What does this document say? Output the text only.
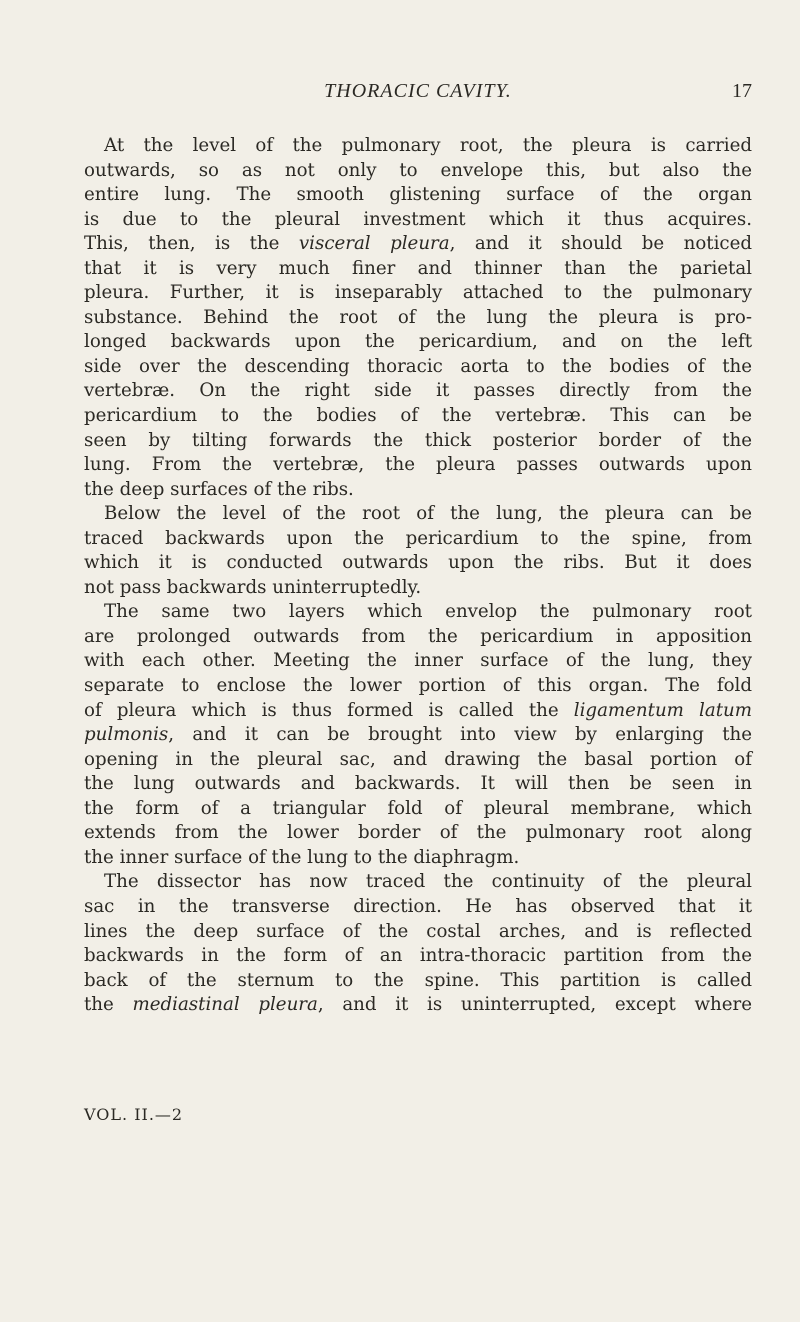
THORACIC CAVITY.	17
At the level of the pulmonary root, the pleura is carried
outwards, so as not only to envelope this, but also the
entire lung. The smooth glistening surface of the organ
is due to the pleural investment which it thus acquires.
This, then, is the visceral pleura, and it should be noticed
that it is very much finer and thinner than the parietal
pleura. Further, it is inseparably attached to the pulmonary
substance. Behind the root of the lung the pleura is pro-
longed backwards upon the pericardium, and on the left
side over the descending thoracic aorta to the bodies of the
vertebræ. On the right side it passes directly from the
pericardium to the bodies of the vertebræ. This can be
seen by tilting forwards the thick posterior border of the
lung. From the vertebræ, the pleura passes outwards upon
the deep surfaces of the ribs.
Below the level of the root of the lung, the pleura can be
traced backwards upon the pericardium to the spine, from
which it is conducted outwards upon the ribs. But it does
not pass backwards uninterruptedly.
The same two layers which envelop the pulmonary root
are prolonged outwards from the pericardium in apposition
with each other. Meeting the inner surface of the lung, they
separate to enclose the lower portion of this organ. The fold
of pleura which is thus formed is called the ligamentum latum
pulmonis, and it can be brought into view by enlarging the
opening in the pleural sac, and drawing the basal portion of
the lung outwards and backwards. It will then be seen in
the form of a triangular fold of pleural membrane, which
extends from the lower border of the pulmonary root along
the inner surface of the lung to the diaphragm.
The dissector has now traced the continuity of the pleural
sac in the transverse direction. He has observed that it
lines the deep surface of the costal arches, and is reflected
backwards in the form of an intra-thoracic partition from the
back of the sternum to the spine. This partition is called
the mediastinal pleura, and it is uninterrupted, except where
VOL. II.—2
